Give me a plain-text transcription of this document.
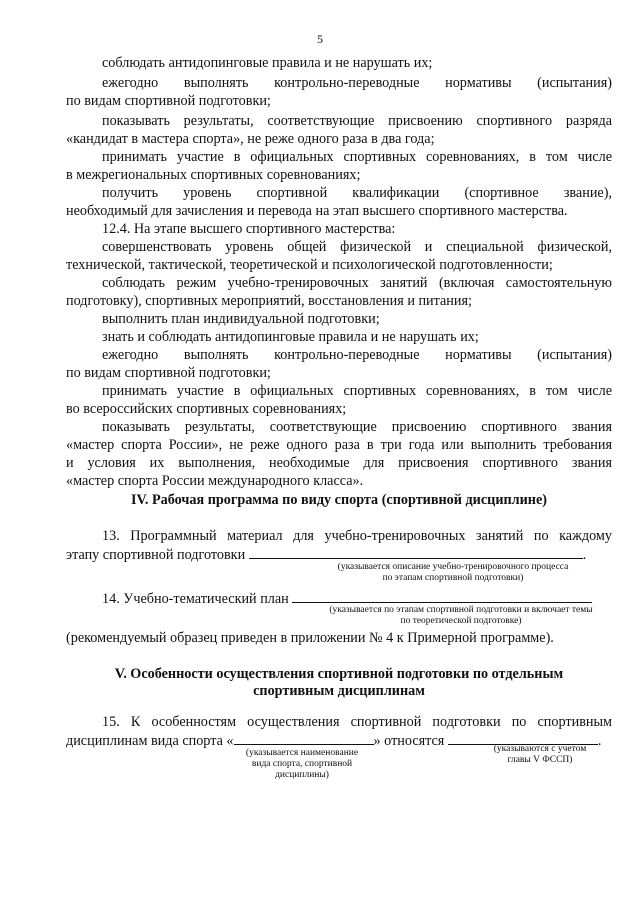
5
соблюдать антидопинговые правила и не нарушать их;
ежегодно выполнять контрольно-переводные нормативы (испытания)
по видам спортивной подготовки;
показывать результаты, соответствующие присвоению спортивного разряда
«кандидат в мастера спорта», не реже одного раза в два года;
принимать участие в официальных спортивных соревнованиях, в том числе
в межрегиональных спортивных соревнованиях;
получить уровень спортивной квалификации (спортивное звание),
необходимый для зачисления и перевода на этап высшего спортивного мастерства.
12.4. На этапе высшего спортивного мастерства:
совершенствовать уровень общей физической и специальной физической,
технической, тактической, теоретической и психологической подготовленности;
соблюдать режим учебно-тренировочных занятий (включая самостоятельную
подготовку), спортивных мероприятий, восстановления и питания;
выполнить план индивидуальной подготовки;
знать и соблюдать антидопинговые правила и не нарушать их;
ежегодно выполнять контрольно-переводные нормативы (испытания)
по видам спортивной подготовки;
принимать участие в официальных спортивных соревнованиях, в том числе
во всероссийских спортивных соревнованиях;
показывать результаты, соответствующие присвоению спортивного звания
«мастер спорта России», не реже одного раза в три года или выполнить требования
и условия их выполнения, необходимые для присвоения спортивного звания
«мастер спорта России международного класса».
IV. Рабочая программа по виду спорта (спортивной дисциплине)
13. Программный материал для учебно-тренировочных занятий по каждому
этапу спортивной подготовки	.
(указывается описание учебно-тренировочного процесса
по этапам спортивной подготовки)
14. Учебно-тематический план
(указывается по этапам спортивной подготовки и включает темы
по теоретической подготовке)
(рекомендуемый образец приведен в приложении № 4 к Примерной программе).
V. Особенности осуществления спортивной подготовки по отдельным
спортивным дисциплинам
15. К особенностям осуществления спортивной подготовки по спортивным
дисциплинам вида спорта «	» относятся	.
(указывается наименование
вида спорта, спортивной
дисциплины)
(указываются с учетом
главы V ФССП)
